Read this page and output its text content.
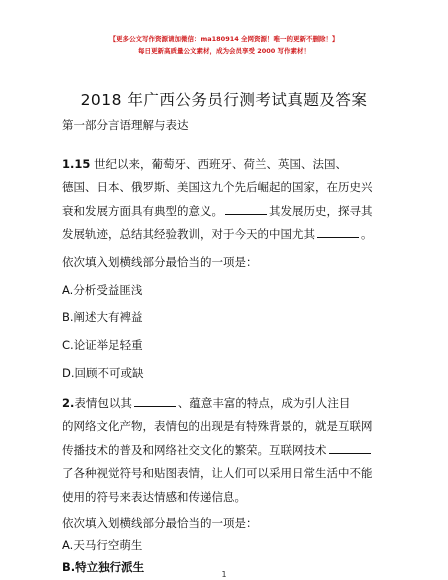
【更多公文写作资源请加微信：ma180914 全网资源！唯一的更新不删除！】
每日更新高质量公文素材，成为会员享受 2000 写作素材！
2018 年广西公务员行测考试真题及答案
第一部分言语理解与表达
1.15 世纪以来，葡萄牙、西班牙、荷兰、英国、法国、
德国、日本、俄罗斯、美国这九个先后崛起的国家，在历史兴
衰和发展方面具有典型的意义。	其发展历史，探寻其
发展轨迹，总结其经验教训，对于今天的中国尤其	。
依次填入划横线部分最恰当的一项是：
A.分析受益匪浅
B.阐述大有裨益
C.论证举足轻重
D.回顾不可或缺
2.表情包以其	、蕴意丰富的特点，成为引人注目
的网络文化产物，表情包的出现是有特殊背景的，就是互联网
传播技术的普及和网络社交文化的繁荣。互联网技术
了各种视觉符号和贴图表情，让人们可以采用日常生活中不能
使用的符号来表达情感和传递信息。
依次填入划横线部分最恰当的一项是：
A.天马行空萌生
B.特立独行派生
1
